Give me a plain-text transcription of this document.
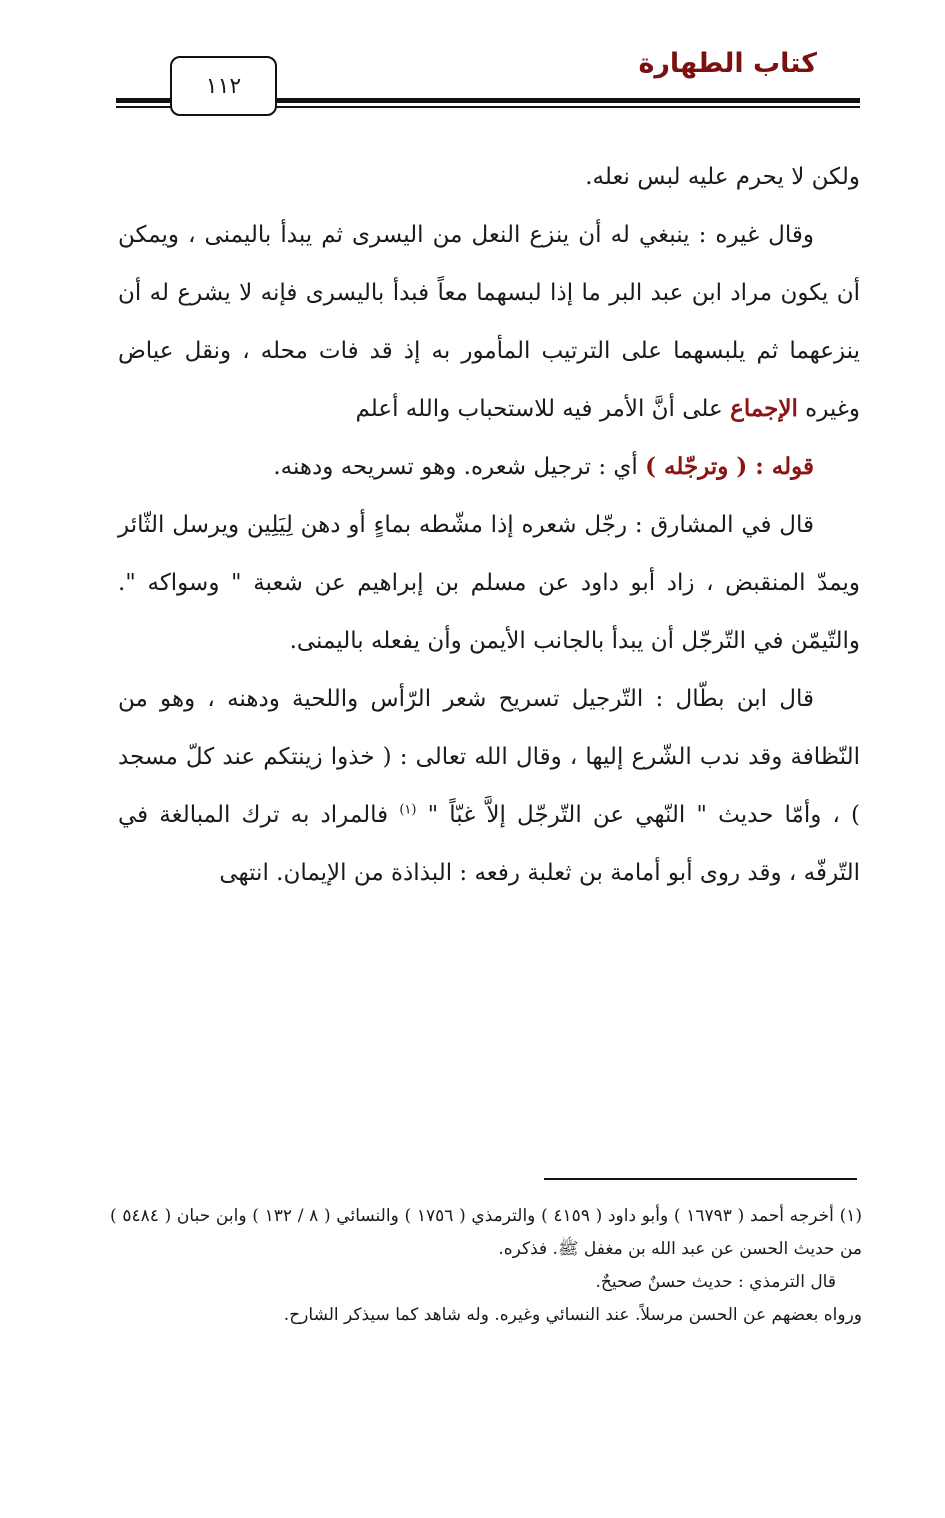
كتاب الطهارة
١١٢

ولكن لا يحرم عليه لبس نعله.

وقال غيره : ينبغي له أن ينزع النعل من اليسرى ثم يبدأ باليمنى ، ويمكن أن يكون مراد ابن عبد البر ما إذا لبسهما معاً فبدأ باليسرى فإنه لا يشرع له أن ينزعهما ثم يلبسهما على الترتيب المأمور به إذ قد فات محله ، ونقل عياض وغيره الإجماع على أنَّ الأمر فيه للاستحباب والله أعلم

قوله : ( وترجّله ) أي : ترجيل شعره. وهو تسريحه ودهنه.

قال في المشارق : رجّل شعره إذا مشّطه بماءٍ أو دهن لِيَلِين ويرسل الثّائر ويمدّ المنقبض ، زاد أبو داود عن مسلم بن إبراهيم عن شعبة " وسواكه ". والتّيمّن في التّرجّل أن يبدأ بالجانب الأيمن وأن يفعله باليمنى.

قال ابن بطّال : التّرجيل تسريح شعر الرّأس واللحية ودهنه ، وهو من النّظافة وقد ندب الشّرع إليها ، وقال الله تعالى : ( خذوا زينتكم عند كلّ مسجد ) ، وأمّا حديث " النّهي عن التّرجّل إلاَّ غبّاً " $^{(١)}$ فالمراد به ترك المبالغة في التّرفّه ، وقد روى أبو أمامة بن ثعلبة رفعه : البذاذة من الإيمان. انتهى

(١) أخرجه أحمد ( ١٦٧٩٣ ) وأبو داود ( ٤١٥٩ ) والترمذي ( ١٧٥٦ ) والنسائي ( ٨ / ١٣٢ ) وابن حبان ( ٥٤٨٤ ) من حديث الحسن عن عبد الله بن مغفل ﷺ. فذكره.

قال الترمذي : حديث حسنٌ صحيحٌ.

ورواه بعضهم عن الحسن مرسلاً. عند النسائي وغيره. وله شاهد كما سيذكر الشارح.
